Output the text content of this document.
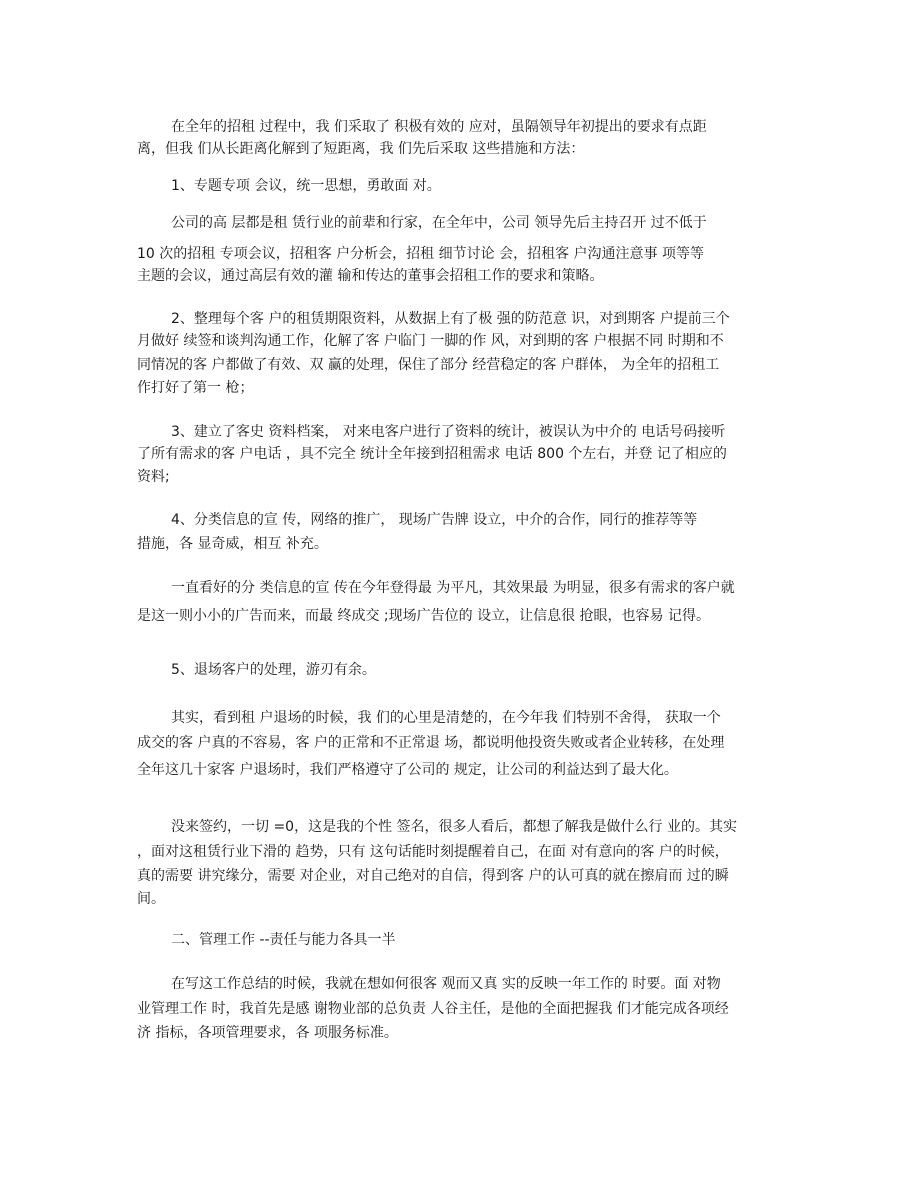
在全年的招租 过程中，我 们采取了 积极有效的 应对，虽隔领导年初提出的要求有点距
离，但我 们从长距离化解到了短距离，我 们先后采取 这些措施和方法：
1、专题专项 会议，统一思想，勇敢面 对。
公司的高 层都是租 赁行业的前辈和行家，在全年中，公司 领导先后主持召开 过不低于
10 次的招租 专项会议，招租客 户分析会，招租 细节讨论 会，招租客 户沟通注意事 项等等
主题的会议，通过高层有效的灌 输和传达的董事会招租工作的要求和策略。
2、整理每个客 户的租赁期限资料，从数据上有了极 强的防范意 识，对到期客 户提前三个
月做好 续签和谈判沟通工作，化解了客 户临门 一脚的作 风，对到期的客 户根据不同 时期和不
同情况的客 户都做了有效、双 赢的处理，保住了部分 经营稳定的客 户群体， 为全年的招租工
作打好了第一 枪；
3、建立了客史 资料档案， 对来电客户进行了资料的统计，被误认为中介的 电话号码接听
了所有需求的客 户电话 ，具不完全 统计全年接到招租需求 电话 800 个左右，并登 记了相应的
资料;
4、分类信息的宣 传，网络的推广， 现场广告牌 设立，中介的合作，同行的推荐等等
措施，各 显奇威，相互 补充。
一直看好的分 类信息的宣 传在今年登得最 为平凡，其效果最 为明显，很多有需求的客户就
是这一则小小的广告而来，而最 终成交 ;现场广告位的 设立，让信息很 抢眼，也容易 记得。
5、退场客户的处理，游刃有余。
其实，看到租 户退场的时候，我 们的心里是清楚的，在今年我 们特别不舍得， 获取一个
成交的客 户真的不容易，客 户的正常和不正常退 场，都说明他投资失败或者企业转移，在处理
全年这几十家客 户退场时，我们严格遵守了公司的 规定，让公司的利益达到了最大化。
没来签约，一切 =0，这是我的个性 签名，很多人看后，都想了解我是做什么行 业的。其实
，面对这租赁行业下滑的 趋势，只有 这句话能时刻提醒着自己，在面 对有意向的客 户的时候，
真的需要 讲究缘分，需要 对企业，对自己绝对的自信，得到客 户的认可真的就在擦肩而 过的瞬
间。
二、管理工作 --责任与能力各具一半
在写这工作总结的时候，我就在想如何很客 观而又真 实的反映一年工作的 时要。面 对物
业管理工作 时，我首先是感 谢物业部的总负责 人谷主任，是他的全面把握我 们才能完成各项经
济 指标，各项管理要求，各 项服务标准。
